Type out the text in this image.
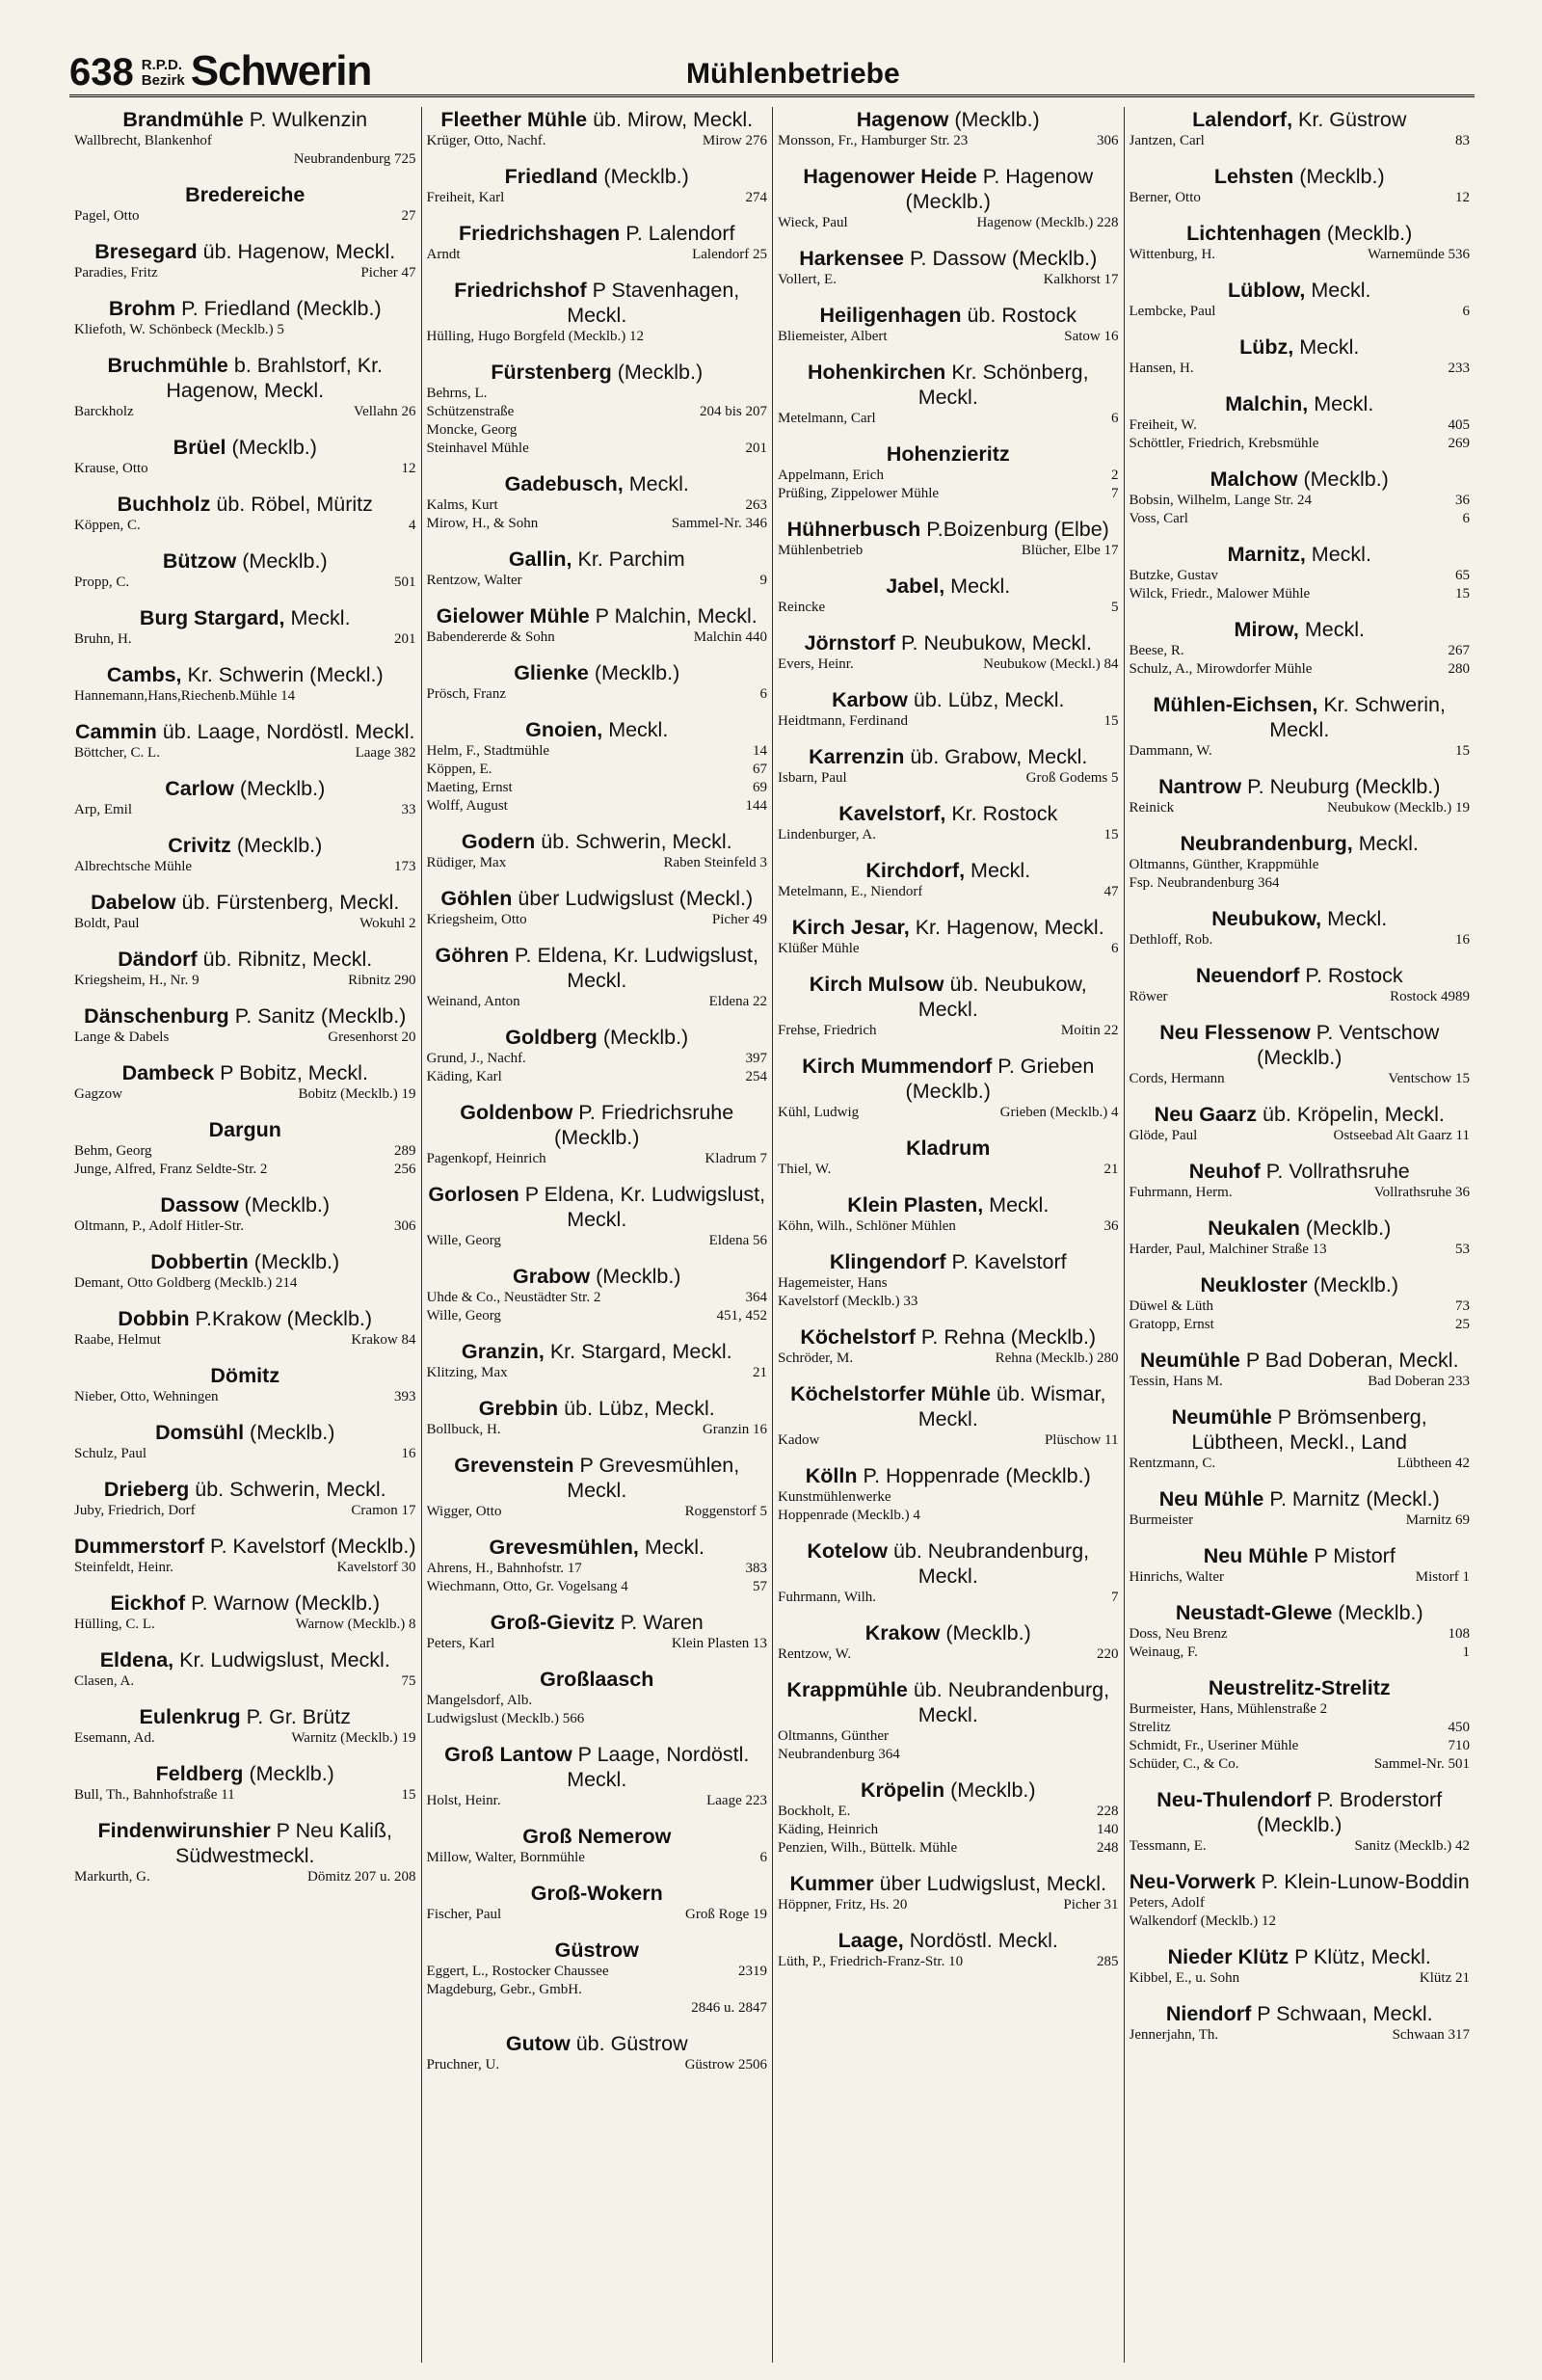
638 R.P.D.
Bezirk Schwerin	Mühlenbetriebe
Brandmühle P. Wulkenzin
Wallbrecht, Blankenhof
Neubrandenburg 725
Bredereiche
Pagel, Otto	27
Bresegard üb. Hagenow, Meckl.
Paradies, Fritz	Picher 47
Brohm P. Friedland (Mecklb.)
Kliefoth, W. Schönbeck (Mecklb.) 5
Bruchmühle b. Brahlstorf, Kr. Hagenow, Meckl.
Barckholz	Vellahn 26
Brüel (Mecklb.)
Krause, Otto	12
Buchholz üb. Röbel, Müritz
Köppen, C.	4
Bützow (Mecklb.)
Propp, C.	501
Burg Stargard, Meckl.
Bruhn, H.	201
Cambs, Kr. Schwerin (Meckl.)
Hannemann,Hans,Riechenb.Mühle 14
Cammin üb. Laage, Nordöstl. Meckl.
Böttcher, C. L.	Laage 382
Carlow (Mecklb.)
Arp, Emil	33
Crivitz (Mecklb.)
Albrechtsche Mühle	173
Dabelow üb. Fürstenberg, Meckl.
Boldt, Paul	Wokuhl 2
Dändorf üb. Ribnitz, Meckl.
Kriegsheim, H., Nr. 9	Ribnitz 290
Dänschenburg P. Sanitz (Mecklb.)
Lange & Dabels	Gresenhorst 20
Dambeck P Bobitz, Meckl.
Gagzow	Bobitz (Mecklb.) 19
Dargun
Behm, Georg	289
Junge, Alfred, Franz Seldte-Str. 2	256
Dassow (Mecklb.)
Oltmann, P., Adolf Hitler-Str.	306
Dobbertin (Mecklb.)
Demant, Otto Goldberg (Mecklb.) 214
Dobbin P.Krakow (Mecklb.)
Raabe, Helmut	Krakow 84
Dömitz
Nieber, Otto, Wehningen	393
Domsühl (Mecklb.)
Schulz, Paul	16
Drieberg üb. Schwerin, Meckl.
Juby, Friedrich, Dorf	Cramon 17
Dummerstorf P. Kavelstorf (Mecklb.)
Steinfeldt, Heinr.	Kavelstorf 30
Eickhof P. Warnow (Mecklb.)
Hülling, C. L.	Warnow (Mecklb.) 8
Eldena, Kr. Ludwigslust, Meckl.
Clasen, A.	75
Eulenkrug P. Gr. Brütz
Esemann, Ad.	Warnitz (Mecklb.) 19
Feldberg (Mecklb.)
Bull, Th., Bahnhofstraße 11	15
Findenwirunshier P Neu Kaliß, Südwestmeckl.
Markurth, G.	Dömitz 207 u. 208
Fleether Mühle üb. Mirow, Meckl.
Krüger, Otto, Nachf.	Mirow 276
Friedland (Mecklb.)
Freiheit, Karl	274
Friedrichshagen P. Lalendorf
Arndt	Lalendorf 25
Friedrichshof P Stavenhagen, Meckl.
Hülling, Hugo Borgfeld (Mecklb.) 12
Fürstenberg (Mecklb.)
Behrns, L.
Schützenstraße	204 bis 207
Moncke, Georg
Steinhavel Mühle	201
Gadebusch, Meckl.
Kalms, Kurt	263
Mirow, H., & Sohn	Sammel-Nr. 346
Gallin, Kr. Parchim
Rentzow, Walter	9
Gielower Mühle P Malchin, Meckl.
Babendererde & Sohn	Malchin 440
Glienke (Mecklb.)
Prösch, Franz	6
Gnoien, Meckl.
Helm, F., Stadtmühle	14
Köppen, E.	67
Maeting, Ernst	69
Wolff, August	144
Godern üb. Schwerin, Meckl.
Rüdiger, Max	Raben Steinfeld 3
Göhlen über Ludwigslust (Meckl.)
Kriegsheim, Otto	Picher 49
Göhren P. Eldena, Kr. Ludwigslust, Meckl.
Weinand, Anton	Eldena 22
Goldberg (Mecklb.)
Grund, J., Nachf.	397
Käding, Karl	254
Goldenbow P. Friedrichsruhe (Mecklb.)
Pagenkopf, Heinrich	Kladrum 7
Gorlosen P Eldena, Kr. Ludwigslust, Meckl.
Wille, Georg	Eldena 56
Grabow (Mecklb.)
Uhde & Co., Neustädter Str. 2	364
Wille, Georg	451, 452
Granzin, Kr. Stargard, Meckl.
Klitzing, Max	21
Grebbin üb. Lübz, Meckl.
Bollbuck, H.	Granzin 16
Grevenstein P Grevesmühlen, Meckl.
Wigger, Otto	Roggenstorf 5
Grevesmühlen, Meckl.
Ahrens, H., Bahnhofstr. 17	383
Wiechmann, Otto, Gr. Vogelsang 4	57
Groß-Gievitz P. Waren
Peters, Karl	Klein Plasten 13
Großlaasch
Mangelsdorf, Alb.
Ludwigslust (Mecklb.) 566
Groß Lantow P Laage, Nordöstl. Meckl.
Holst, Heinr.	Laage 223
Groß Nemerow
Millow, Walter, Bornmühle	6
Groß-Wokern
Fischer, Paul	Groß Roge 19
Güstrow
Eggert, L., Rostocker Chaussee	2319
Magdeburg, Gebr., GmbH.
2846 u. 2847
Gutow üb. Güstrow
Pruchner, U.	Güstrow 2506
Hagenow (Mecklb.)
Monsson, Fr., Hamburger Str. 23	306
Hagenower Heide P. Hagenow (Mecklb.)
Wieck, Paul	Hagenow (Mecklb.) 228
Harkensee P. Dassow (Mecklb.)
Vollert, E.	Kalkhorst 17
Heiligenhagen üb. Rostock
Bliemeister, Albert	Satow 16
Hohenkirchen Kr. Schönberg, Meckl.
Metelmann, Carl	6
Hohenzieritz
Appelmann, Erich	2
Prüßing, Zippelower Mühle	7
Hühnerbusch P.Boizenburg (Elbe)
Mühlenbetrieb	Blücher, Elbe 17
Jabel, Meckl.
Reincke	5
Jörnstorf P. Neubukow, Meckl.
Evers, Heinr.	Neubukow (Meckl.) 84
Karbow üb. Lübz, Meckl.
Heidtmann, Ferdinand	15
Karrenzin üb. Grabow, Meckl.
Isbarn, Paul	Groß Godems 5
Kavelstorf, Kr. Rostock
Lindenburger, A.	15
Kirchdorf, Meckl.
Metelmann, E., Niendorf	47
Kirch Jesar, Kr. Hagenow, Meckl.
Klüßer Mühle	6
Kirch Mulsow üb. Neubukow, Meckl.
Frehse, Friedrich	Moitin 22
Kirch Mummendorf P. Grieben (Mecklb.)
Kühl, Ludwig	Grieben (Mecklb.) 4
Kladrum
Thiel, W.	21
Klein Plasten, Meckl.
Köhn, Wilh., Schlöner Mühlen	36
Klingendorf P. Kavelstorf
Hagemeister, Hans
Kavelstorf (Mecklb.) 33
Köchelstorf P. Rehna (Mecklb.)
Schröder, M.	Rehna (Mecklb.) 280
Köchelstorfer Mühle üb. Wismar, Meckl.
Kadow	Plüschow 11
Kölln P. Hoppenrade (Mecklb.)
Kunstmühlenwerke
Hoppenrade (Mecklb.) 4
Kotelow üb. Neubrandenburg, Meckl.
Fuhrmann, Wilh.	7
Krakow (Mecklb.)
Rentzow, W.	220
Krappmühle üb. Neubrandenburg, Meckl.
Oltmanns, Günther
Neubrandenburg 364
Kröpelin (Mecklb.)
Bockholt, E.	228
Käding, Heinrich	140
Penzien, Wilh., Büttelk. Mühle	248
Kummer über Ludwigslust, Meckl.
Höppner, Fritz, Hs. 20	Picher 31
Laage, Nordöstl. Meckl.
Lüth, P., Friedrich-Franz-Str. 10	285
Lalendorf, Kr. Güstrow
Jantzen, Carl	83
Lehsten (Mecklb.)
Berner, Otto	12
Lichtenhagen (Mecklb.)
Wittenburg, H.	Warnemünde 536
Lüblow, Meckl.
Lembcke, Paul	6
Lübz, Meckl.
Hansen, H.	233
Malchin, Meckl.
Freiheit, W.	405
Schöttler, Friedrich, Krebsmühle	269
Malchow (Mecklb.)
Bobsin, Wilhelm, Lange Str. 24	36
Voss, Carl	6
Marnitz, Meckl.
Butzke, Gustav	65
Wilck, Friedr., Malower Mühle	15
Mirow, Meckl.
Beese, R.	267
Schulz, A., Mirowdorfer Mühle	280
Mühlen-Eichsen, Kr. Schwerin, Meckl.
Dammann, W.	15
Nantrow P. Neuburg (Mecklb.)
Reinick	Neubukow (Mecklb.) 19
Neubrandenburg, Meckl.
Oltmanns, Günther, Krappmühle
Fsp. Neubrandenburg 364
Neubukow, Meckl.
Dethloff, Rob.	16
Neuendorf P. Rostock
Röwer	Rostock 4989
Neu Flessenow P. Ventschow (Mecklb.)
Cords, Hermann	Ventschow 15
Neu Gaarz üb. Kröpelin, Meckl.
Glöde, Paul	Ostseebad Alt Gaarz 11
Neuhof P. Vollrathsruhe
Fuhrmann, Herm.	Vollrathsruhe 36
Neukalen (Mecklb.)
Harder, Paul, Malchiner Straße 13	53
Neukloster (Mecklb.)
Düwel & Lüth	73
Gratopp, Ernst	25
Neumühle P Bad Doberan, Meckl.
Tessin, Hans M.	Bad Doberan 233
Neumühle P Brömsenberg, Lübtheen, Meckl., Land
Rentzmann, C.	Lübtheen 42
Neu Mühle P. Marnitz (Meckl.)
Burmeister	Marnitz 69
Neu Mühle P Mistorf
Hinrichs, Walter	Mistorf 1
Neustadt-Glewe (Mecklb.)
Doss, Neu Brenz	108
Weinaug, F.	1
Neustrelitz-Strelitz
Burmeister, Hans, Mühlenstraße 2
Strelitz	450
Schmidt, Fr., Useriner Mühle	710
Schüder, C., & Co.	Sammel-Nr. 501
Neu-Thulendorf P. Broderstorf (Mecklb.)
Tessmann, E.	Sanitz (Mecklb.) 42
Neu-Vorwerk P. Klein-Lunow-Boddin
Peters, Adolf
Walkendorf (Mecklb.) 12
Nieder Klütz P Klütz, Meckl.
Kibbel, E., u. Sohn	Klütz 21
Niendorf P Schwaan, Meckl.
Jennerjahn, Th.	Schwaan 317
